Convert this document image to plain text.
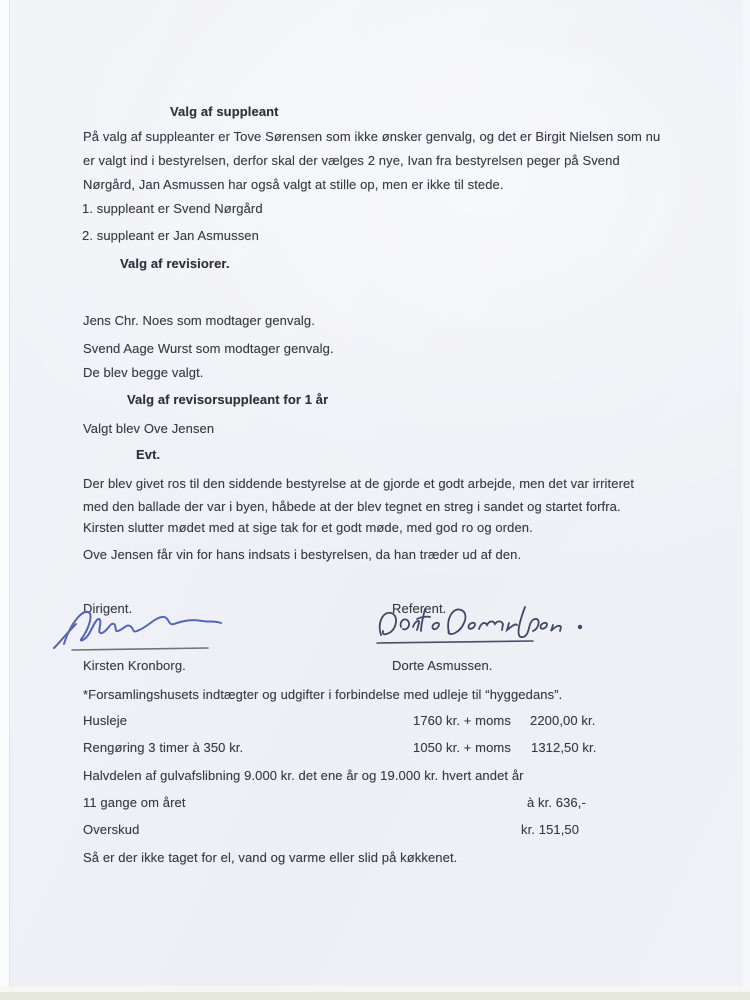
Valg af suppleant
På valg af suppleanter er Tove Sørensen som ikke ønsker genvalg, og det er Birgit Nielsen som nu
er valgt ind i bestyrelsen, derfor skal der vælges 2 nye, Ivan fra bestyrelsen peger på Svend
Nørgård, Jan Asmussen har også valgt at stille op, men er ikke til stede.
1. suppleant er Svend Nørgård
2. suppleant er Jan Asmussen
Valg af revisiorer.
Jens Chr. Noes som modtager genvalg.
Svend Aage Wurst som modtager genvalg.
De blev begge valgt.
Valg af revisorsuppleant for 1 år
Valgt blev Ove Jensen
Evt.
Der blev givet ros til den siddende bestyrelse at de gjorde et godt arbejde, men det var irriteret
med den ballade der var i byen, håbede at der blev tegnet en streg i sandet og startet forfra.
Kirsten slutter mødet med at sige tak for et godt møde, med god ro og orden.
Ove Jensen får vin for hans indsats i bestyrelsen, da han træder ud af den.
Dirigent.	Referent.
Kirsten Kronborg.	Dorte Asmussen.
*Forsamlingshusets indtægter og udgifter i forbindelse med udleje til “hyggedans”.
Husleje	1760 kr. + moms 2200,00 kr.
Rengøring 3 timer à 350 kr.	1050 kr. + moms 1312,50 kr.
Halvdelen af gulvafslibning 9.000 kr. det ene år og 19.000 kr. hvert andet år
11 gange om året	à kr. 636,-
Overskud	kr. 151,50
Så er der ikke taget for el, vand og varme eller slid på køkkenet.
